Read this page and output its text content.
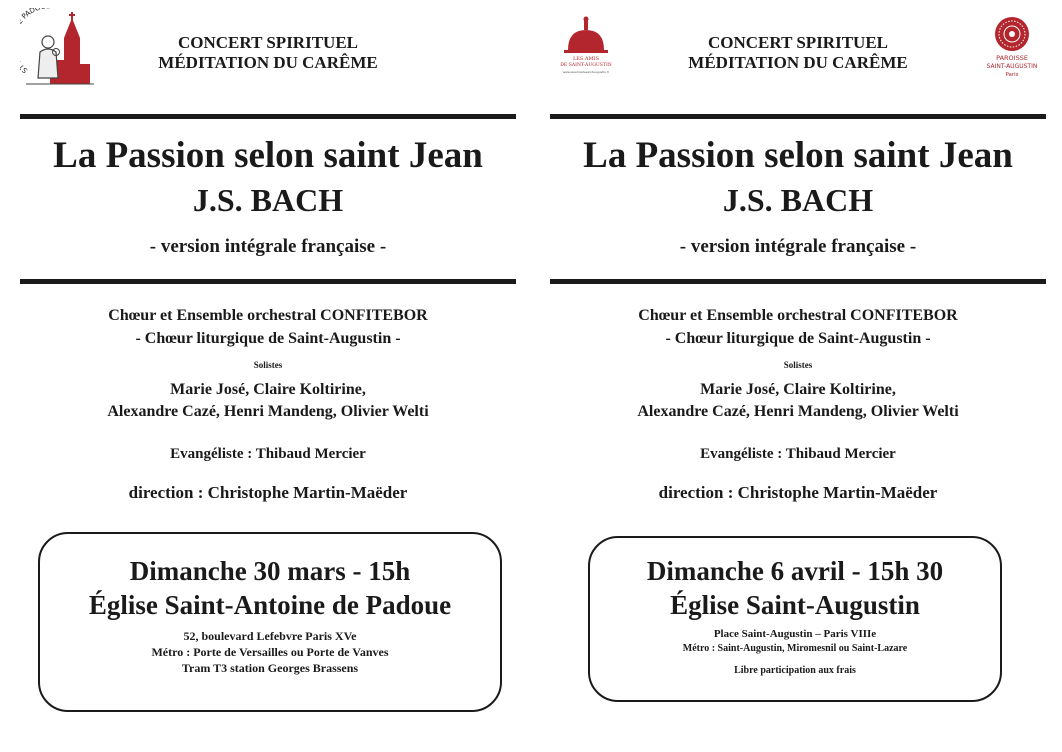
S PADO
CONCERT SPIRITUEL
MÉDITATION DU CARÊME
La Passion selon saint Jean
J.S. BACH
- version intégrale française -
Chœur et Ensemble orchestral CONFITEBOR
- Chœur liturgique de Saint-Augustin -
Solistes
Marie José, Claire Koltirine,
Alexandre Cazé, Henri Mandeng, Olivier Welti
Evangéliste : Thibaud Mercier
direction : Christophe Martin-Maëder
Dimanche 30 mars - 15h
Église Saint-Antoine de Padoue
52, boulevard Lefebvre Paris XVe
Métro : Porte de Versailles ou Porte de Vanves
Tram T3 station Georges Brassens
LES AMIS
DE SAINT-AUGUSTIN
www.lesamisdesaintaugustin.fr
CONCERT SPIRITUEL
MÉDITATION DU CARÊME	PAROISSE
SAINT-AUGUSTIN
Paris
La Passion selon saint Jean
J.S. BACH
- version intégrale française -
Chœur et Ensemble orchestral CONFITEBOR
- Chœur liturgique de Saint-Augustin -
Solistes
Marie José, Claire Koltirine,
Alexandre Cazé, Henri Mandeng, Olivier Welti
Evangéliste : Thibaud Mercier
direction : Christophe Martin-Maëder
Dimanche 6 avril - 15h 30
Église Saint-Augustin
Place Saint-Augustin – Paris VIIIe
Métro : Saint-Augustin, Miromesnil ou Saint-Lazare
Libre participation aux frais
